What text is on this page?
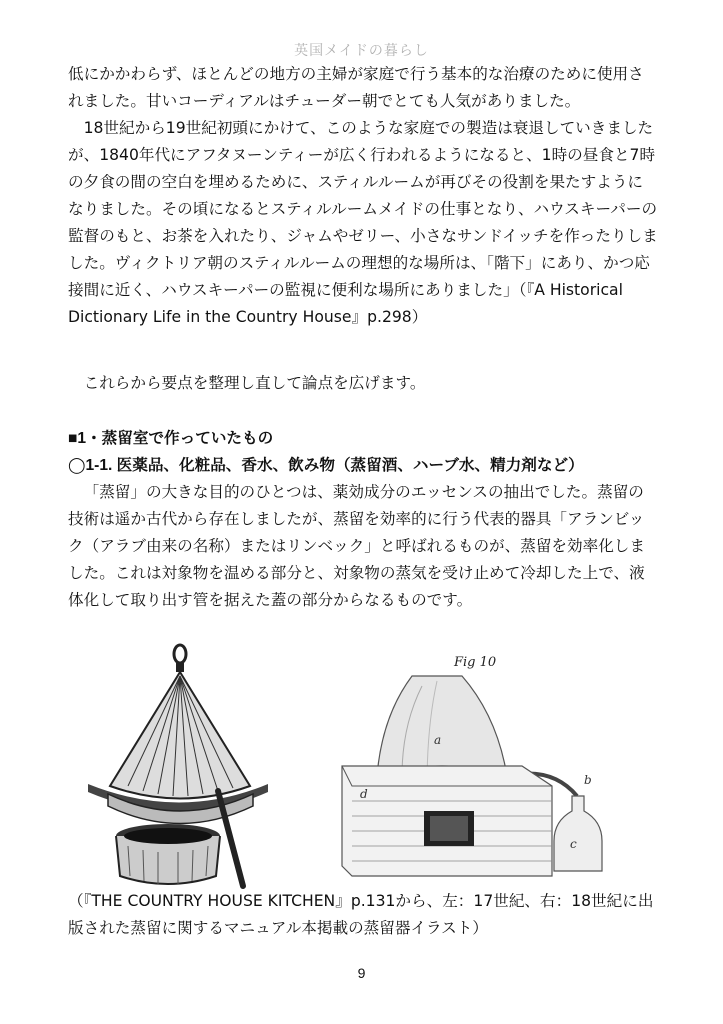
英国メイドの暮らし

低にかかわらず、ほとんどの地方の主婦が家庭で行う基本的な治療のために使用されました。甘いコーディアルはチューダー朝でとても人気がありました。

18世紀から19世紀初頭にかけて、このような家庭での製造は衰退していきましたが、1840年代にアフタヌーンティーが広く行われるようになると、1時の昼食と7時の夕食の間の空白を埋めるために、スティルルームが再びその役割を果たすようになりました。その頃になるとスティルルームメイドの仕事となり、ハウスキーパーの監督のもと、お茶を入れたり、ジャムやゼリー、小さなサンドイッチを作ったりしました。ヴィクトリア朝のスティルルームの理想的な場所は、「階下」にあり、かつ応接間に近く、ハウスキーパーの監視に便利な場所にありました」（『A Historical Dictionary Life in the Country House』p.298）

これらから要点を整理し直して論点を広げます。

■1・蒸留室で作っていたもの

◯1-1. 医薬品、化粧品、香水、飲み物（蒸留酒、ハーブ水、精力剤など）

「蒸留」の大きな目的のひとつは、薬効成分のエッセンスの抽出でした。蒸留の技術は遥か古代から存在しましたが、蒸留を効率的に行う代表的器具「アランビック（アラブ由来の名称）またはリンベック」と呼ばれるものが、蒸留を効率化しました。これは対象物を温める部分と、対象物の蒸気を受け止めて冷却した上で、液体化して取り出す管を据えた蓋の部分からなるものです。

Fig 10
a
b
c
d

（『THE COUNTRY HOUSE KITCHEN』p.131から、左：17世紀、右：18世紀に出版された蒸留に関するマニュアル本掲載の蒸留器イラスト）

9
